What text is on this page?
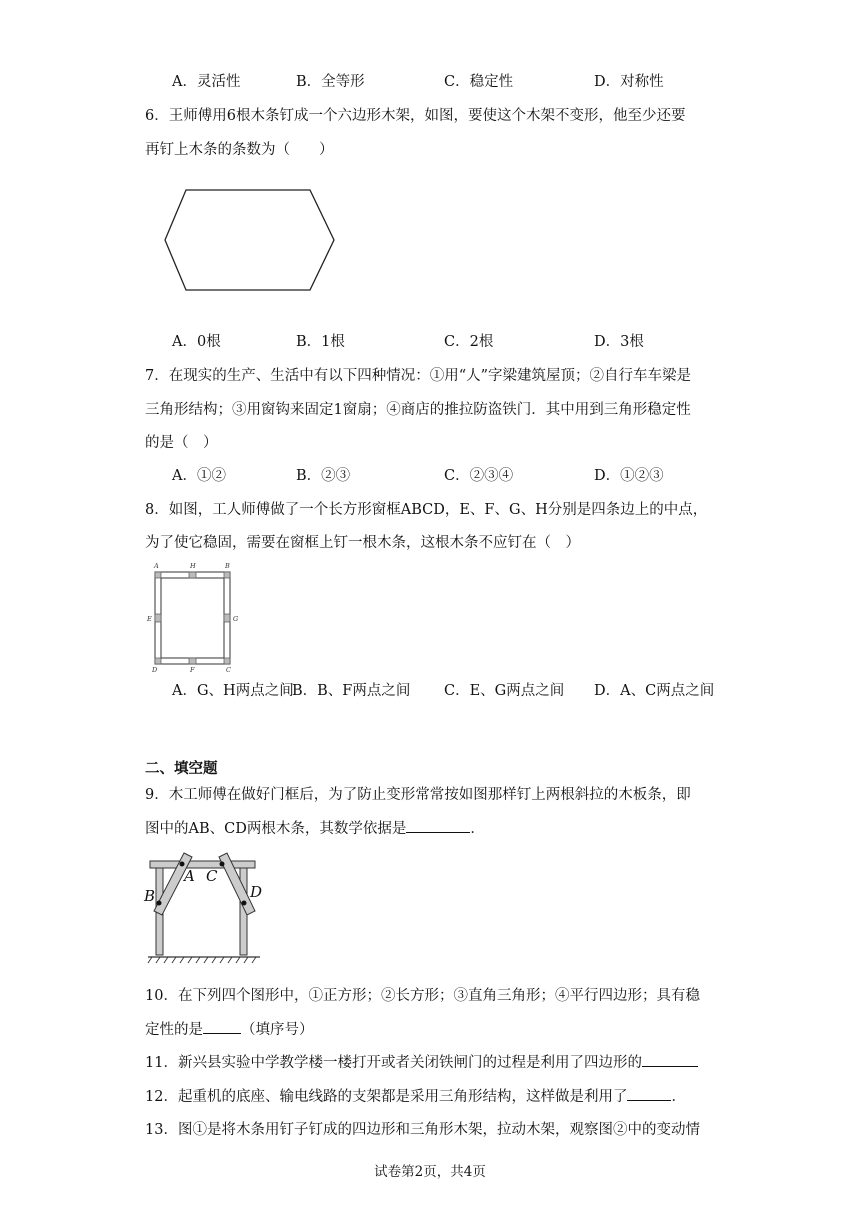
A．灵活性	B．全等形	C．稳定性	D．对称性
6．王师傅用6根木条钉成一个六边形木架，如图，要使这个木架不变形，他至少还要
再钉上木条的条数为（　　）
A．0根	B．1根	C．2根	D．3根
7．在现实的生产、生活中有以下四种情况：①用“人”字梁建筑屋顶；②自行车车梁是
三角形结构；③用窗钩来固定1窗扇；④商店的推拉防盗铁门．其中用到三角形稳定性
的是（　）
A．①②	B．②③	C．②③④	D．①②③
8．如图，工人师傅做了一个长方形窗框ABCD，E、F、G、H分别是四条边上的中点，
为了使它稳固，需要在窗框上钉一根木条，这根木条不应钉在（　）
A	H	B
E	G
D	F	C
A．G、H两点之间
B．B、F两点之间 C．E、G两点之间 D．A、C两点之间
二、填空题
9．木工师傅在做好门框后，为了防止变形常常按如图那样钉上两根斜拉的木板条，即
图中的AB、CD两根木条，其数学依据是	．
A
B
C
D
10．在下列四个图形中，①正方形；②长方形；③直角三角形；④平行四边形；具有稳
定性的是	（填序号）
11．新兴县实验中学教学楼一楼打开或者关闭铁闸门的过程是利用了四边形的
12．起重机的底座、输电线路的支架都是采用三角形结构，这样做是利用了	．
13．图①是将木条用钉子钉成的四边形和三角形木架，拉动木架，观察图②中的变动情
试卷第2页，共4页
